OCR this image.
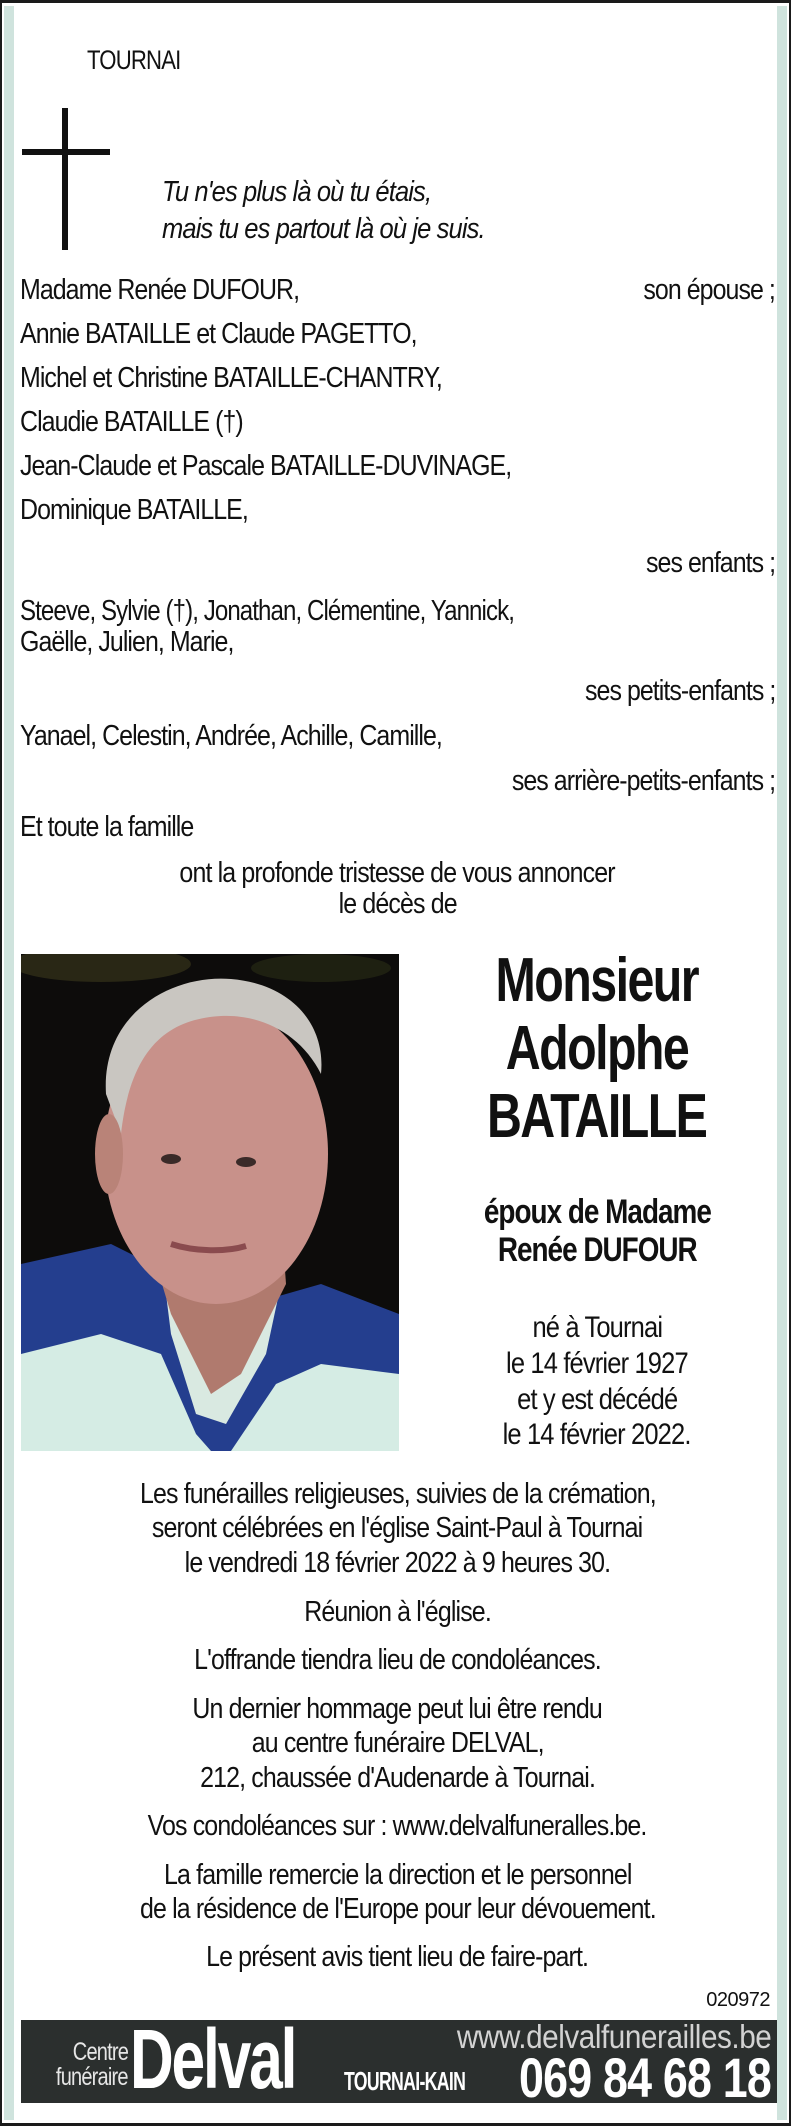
TOURNAI
Tu n'es plus là où tu étais,
mais tu es partout là où je suis.
Madame Renée DUFOUR,	son épouse ;
Annie BATAILLE et Claude PAGETTO,
Michel et Christine BATAILLE-CHANTRY,
Claudie BATAILLE (†)
Jean-Claude et Pascale BATAILLE-DUVINAGE,
Dominique BATAILLE,
ses enfants ;
Steeve, Sylvie (†), Jonathan, Clémentine, Yannick,
Gaëlle, Julien, Marie,
ses petits-enfants ;
Yanael, Celestin, Andrée, Achille, Camille,
ses arrière-petits-enfants ;
Et toute la famille
ont la profonde tristesse de vous annoncer
le décès de
Monsieur
Adolphe
BATAILLE
époux de Madame
Renée DUFOUR
né à Tournai
le 14 février 1927
et y est décédé
le 14 février 2022.
Les funérailles religieuses, suivies de la crémation,
seront célébrées en l'église Saint-Paul à Tournai
le vendredi 18 février 2022 à 9 heures 30.
Réunion à l'église.
L'offrande tiendra lieu de condoléances.
Un dernier hommage peut lui être rendu
au centre funéraire DELVAL,
212, chaussée d'Audenarde à Tournai.
Vos condoléances sur : www.delvalfuneralles.be.
La famille remercie la direction et le personnel
de la résidence de l'Europe pour leur dévouement.
Le présent avis tient lieu de faire-part.
020972
Centre
funéraire Delval	TOURNAI-KAIN
www.delvalfunerailles.be
069 84 68 18
